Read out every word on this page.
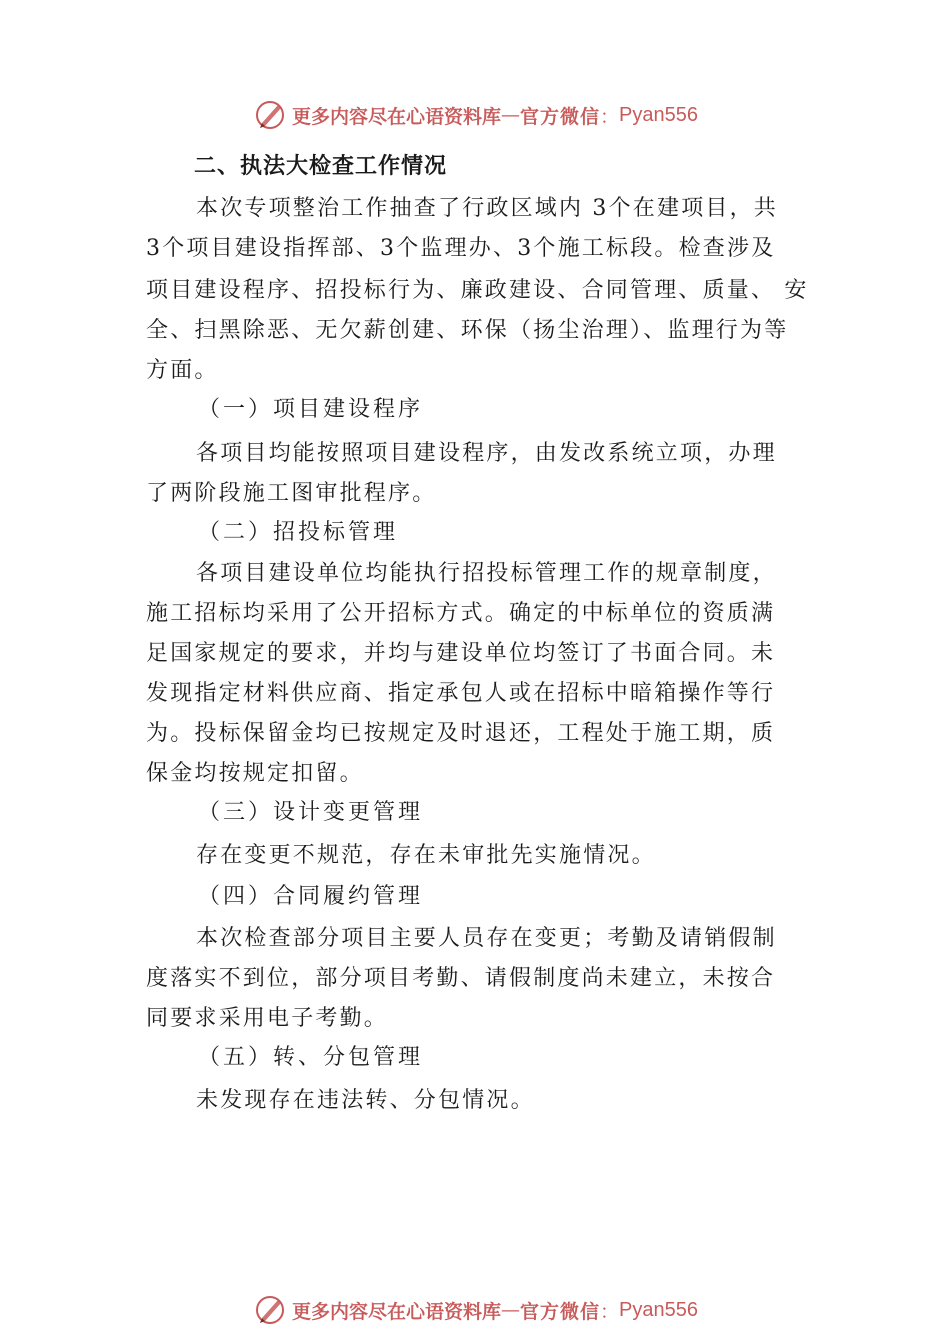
更多内容尽在心语资料库 — 官方微信 ： Pyan556
二、执法大检查工作情况
本次专项整治工作抽查了行政区域内 3个在建项目，共
3个项目建设指挥部、3个监理办、3个施工标段。检查涉及
项目建设程序、招投标行为、廉政建设、合同管理、质量、 安
全、扫黑除恶、无欠薪创建、环保（扬尘治理）、监理行为等
方面。
（一）项目建设程序
各项目均能按照项目建设程序，由发改系统立项，办理
了两阶段施工图审批程序。
（二）招投标管理
各项目建设单位均能执行招投标管理工作的规章制度，
施工招标均采用了公开招标方式。确定的中标单位的资质满
足国家规定的要求，并均与建设单位均签订了书面合同。未
发现指定材料供应商、指定承包人或在招标中暗箱操作等行
为。投标保留金均已按规定及时退还，工程处于施工期，质
保金均按规定扣留。
（三）设计变更管理
存在变更不规范，存在未审批先实施情况。
（四）合同履约管理
本次检查部分项目主要人员存在变更；考勤及请销假制
度落实不到位，部分项目考勤、请假制度尚未建立，未按合
同要求采用电子考勤。
（五）转、分包管理
未发现存在违法转、分包情况。
更多内容尽在心语资料库 — 官方微信 ： Pyan556
